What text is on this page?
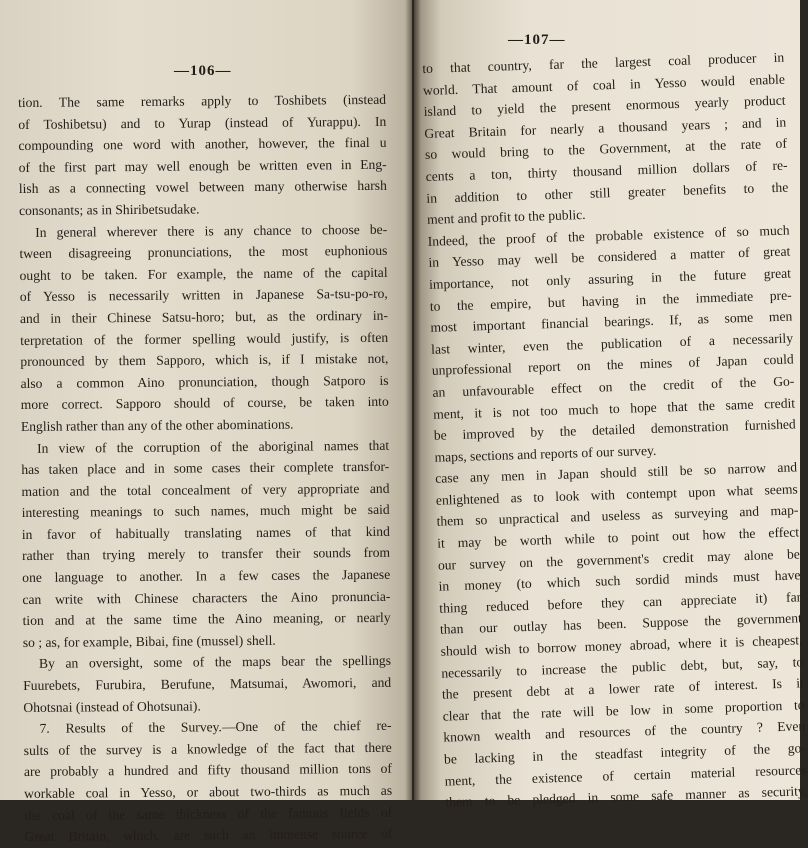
—106—
tion. The same remarks apply to Toshibets (instead
of Toshibetsu) and to Yurap (instead of Yurappu). In
compounding one word with another, however, the final u
of the first part may well enough be written even in Eng-
lish as a connecting vowel between many otherwise harsh
consonants; as in Shiribetsudake.
In general wherever there is any chance to choose be-
tween disagreeing pronunciations, the most euphonious
ought to be taken. For example, the name of the capital
of Yesso is necessarily written in Japanese Sa-tsu-po-ro,
and in their Chinese Satsu-horo; but, as the ordinary in-
terpretation of the former spelling would justify, is often
pronounced by them Sapporo, which is, if I mistake not,
also a common Aino pronunciation, though Satporo is
more correct. Sapporo should of course, be taken into
English rather than any of the other abominations.
In view of the corruption of the aboriginal names that
has taken place and in some cases their complete transfor-
mation and the total concealment of very appropriate and
interesting meanings to such names, much might be said
in favor of habitually translating names of that kind
rather than trying merely to transfer their sounds from
one language to another. In a few cases the Japanese
can write with Chinese characters the Aino pronuncia-
tion and at the same time the Aino meaning, or nearly
so ; as, for example, Bibai, fine (mussel) shell.
By an oversight, some of the maps bear the spellings
Fuurebets, Furubira, Berufune, Matsumai, Awomori, and
Ohotsnai (instead of Ohotsunai).
7. Results of the Survey.—One of the chief re-
sults of the survey is a knowledge of the fact that there
are probably a hundred and fifty thousand million tons of
workable coal in Yesso, or about two-thirds as much as
the coal of the same thickness of the famous fields of
Great Britain, which, are such an immense source of
—107—
to that country, far the largest coal producer in
world. That amount of coal in Yesso would enable
island to yield the present enormous yearly product
Great Britain for nearly a thousand years ; and in
so would bring to the Government, at the rate of
cents a ton, thirty thousand million dollars of re-
in addition to other still greater benefits to the
ment and profit to the public.
Indeed, the proof of the probable existence of so much
in Yesso may well be considered a matter of great
importance, not only assuring in the future great
to the empire, but having in the immediate pre-
most important financial bearings. If, as some men
last winter, even the publication of a necessarily
unprofessional report on the mines of Japan could
an unfavourable effect on the credit of the Go-
ment, it is not too much to hope that the same credit
be improved by the detailed demonstration furnished
maps, sections and reports of our survey.
case any men in Japan should still be so narrow and
enlightened as to look with contempt upon what seems
them so unpractical and useless as surveying and map-
it may be worth while to point out how the effect
our survey on the government's credit may alone be
in money (to which such sordid minds must have
thing reduced before they can appreciate it) far
than our outlay has been. Suppose the government
should wish to borrow money abroad, where it is cheapest,
necessarily to increase the public debt, but, say, to
the present debt at a lower rate of interest. Is it
clear that the rate will be low in some proportion to
known wealth and resources of the country ? Even
be lacking in the steadfast integrity of the go-
ment, the existence of certain material resources
them to be pledged in some safe manner as security,
